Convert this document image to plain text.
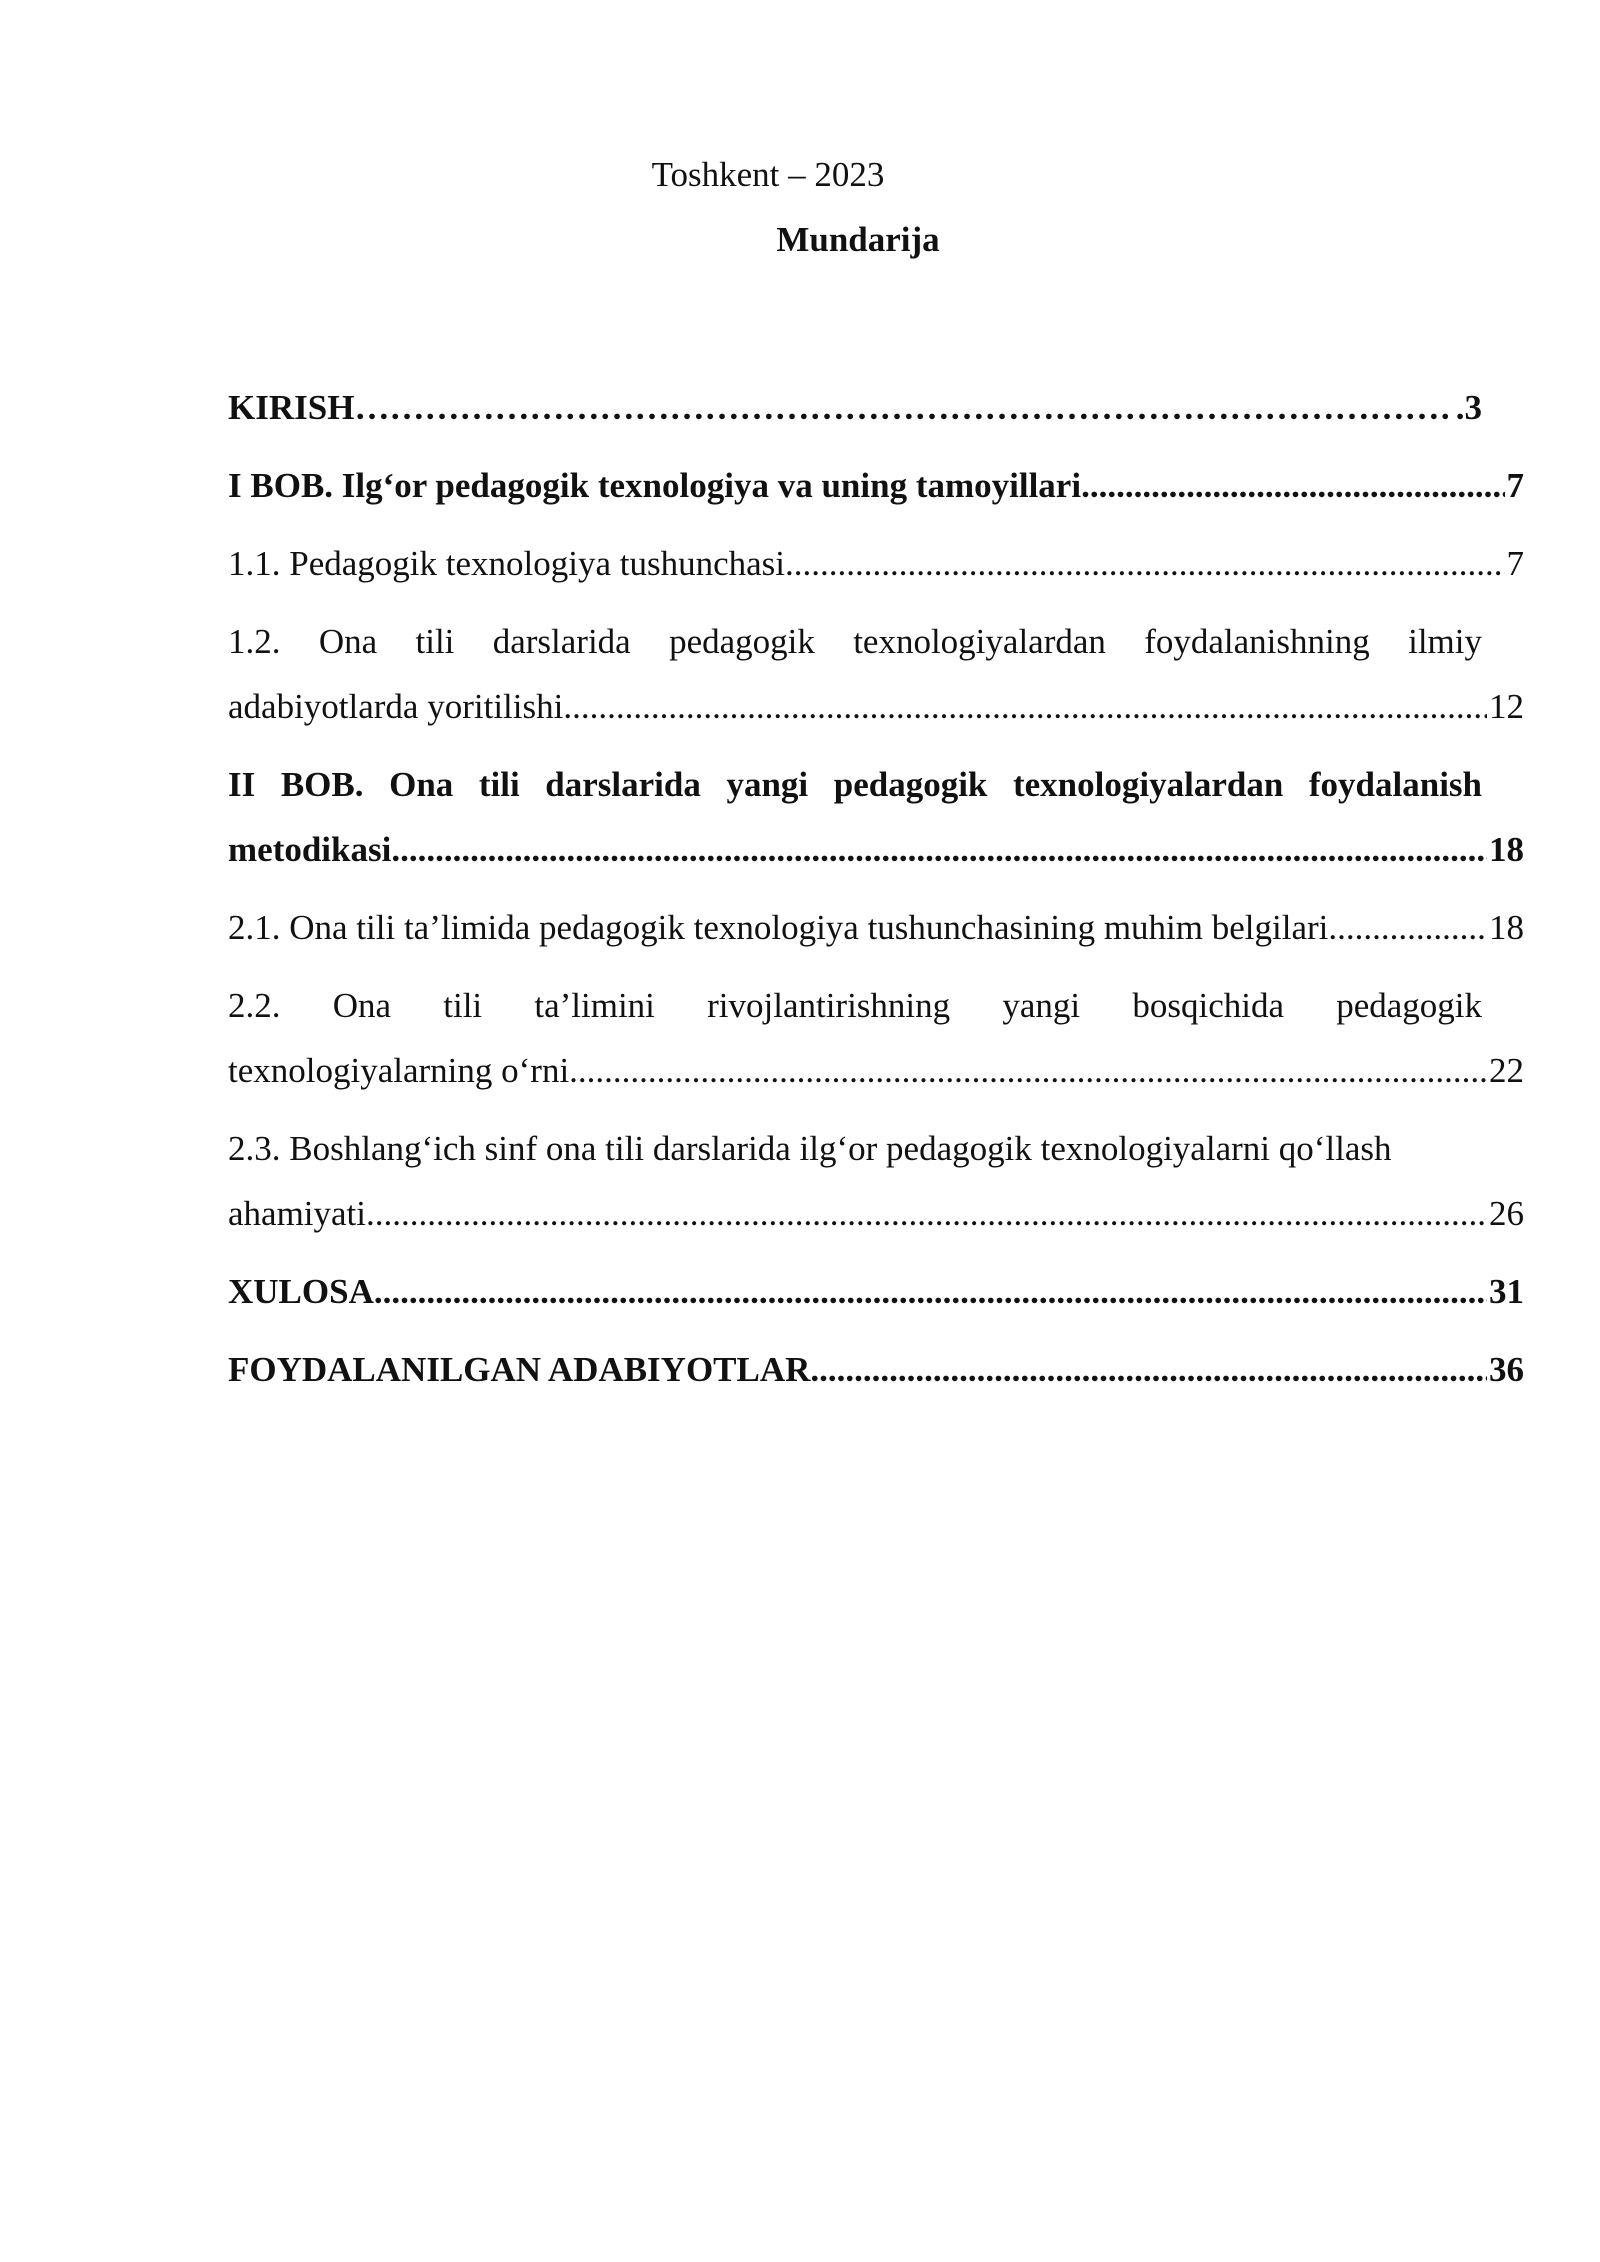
Toshkent – 2023
Mundarija
KIRISH ……………………………………………………………………………………………………………………………………………………………………………………………………………………………	.3
I BOB. Ilg‘or pedagogik texnologiya va uning tamoyillari .....	7
1.1. Pedagogik texnologiya tushunchasi .....	7
1.2. Ona tili darslarida pedagogik texnologiyalardan foydalanishning ilmiy
adabiyotlarda yoritilishi .....	12
II BOB. Ona tili darslarida yangi pedagogik texnologiyalardan foydalanish
metodikasi .....	18
2.1. Ona tili ta’limida pedagogik texnologiya tushunchasining muhim belgilari .....	18
2.2. Ona tili ta’limini rivojlantirishning yangi bosqichida pedagogik
texnologiyalarning o‘rni .....	22
2.3. Boshlang‘ich sinf ona tili darslarida ilg‘or pedagogik texnologiyalarni qo‘llash
ahamiyati .....	26
XULOSA .....	31
FOYDALANILGAN ADABIYOTLAR .....	36
